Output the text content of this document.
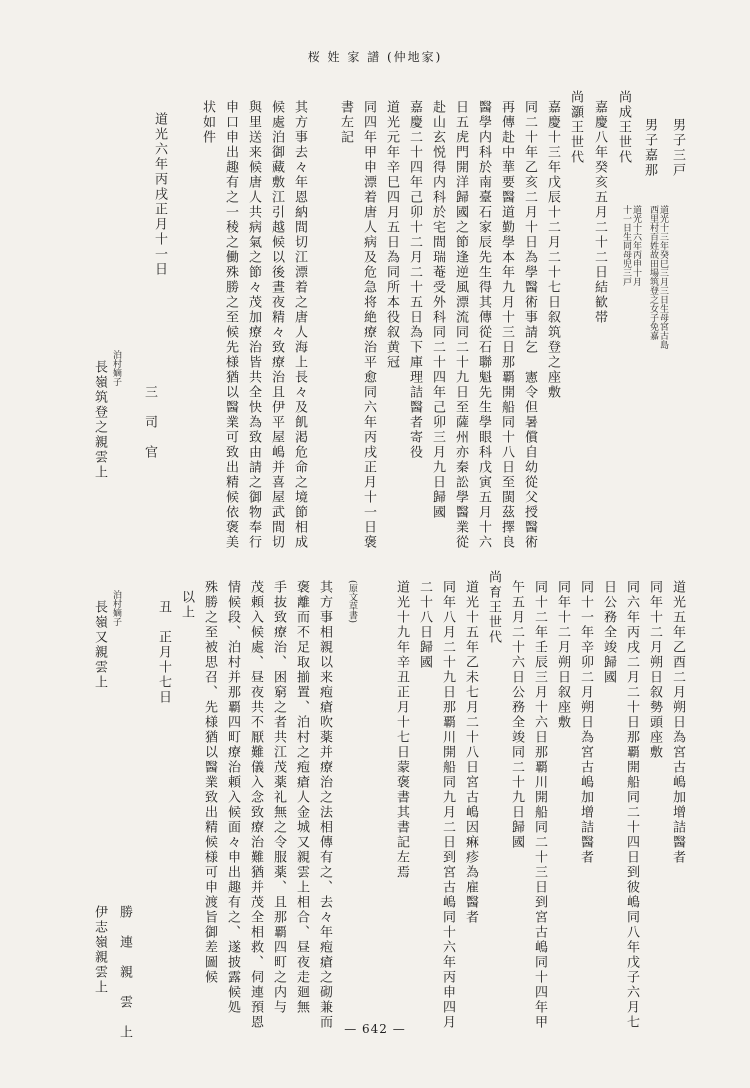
桜 姓 家 譜 (仲地家)
男子三戸
道光十三年癸巳三月三日生母宮古島
西里村百姓故田場筑登之女子免嘉
男子嘉那
道光十六年丙申十月
十一日生同母児三戸
尚成王世代
嘉慶八年癸亥五月二十二日結歓帯
尚灝王世代
嘉慶十三年戊辰十二月二十七日叙筑登之座敷
同二十年乙亥二月十日為學醫術事請乞　憲令但暑償自幼從父授醫術
再傳赴中華要醫道勤學本年九月十三日那覇開船同十八日至閩茲擇良
醫學内科於南臺石家辰先生得其傳從石聯魁先生學眼科戊寅五月十六
日五虎門開洋歸國之節逢逆風漂流同二十九日至薩州亦秦訟學醫業從
赴山玄悦得内科於宅間瑞菴受外科同二十四年己卯三月九日歸國
嘉慶二十四年己卯十二月二十五日為下庫理詰醫者寄役
道光元年辛巳四月五日為同所本役叙黄冠
同四年甲申漂着唐人病及危急将絶療治平愈同六年丙戌正月十一日褒
書左記
其方事去々年恩納間切江漂着之唐人海上長々及飢渇危命之境節相成
候處泊御藏敷江引越候以後晝夜精々致療治且伊平屋嶋并喜屋武間切
與里送来候唐人共病氣之節々茂加療治皆共全快為致由請之御物奉行
申口申出趣有之一稜之働殊勝之至候先様猶以醫業可致出精候依褒美
状如件
道光六年丙戌正月十一日
三　司　官
泊村嫡子
長嶺筑登之親雲上
道光五年乙酉二月朔日為宮古嶋加增詰醫者
同年十二月朔日叙勢頭座敷
同六年丙戌二月二十日那覇開船同二十四日到彼嶋同八年戊子六月七
日公務全竣歸國
同十一年辛卯二月朔日為宮古嶋加增詰醫者
同年十二月朔日叙座敷
同十二年壬辰三月十六日那覇川開船同二十三日到宮古嶋同十四年甲
午五月二十六日公務全竣同二十九日歸國
尚育王世代
道光十五年乙未七月二十八日宮古嶋因痳疹為雇醫者
同年八月二十九日那覇川開船同九月二日到宮古嶋同十六年丙申四月
二十八日歸國
道光十九年辛丑正月十七日蒙褒書其書記左焉
(原文草書)
其方事相親以来疱瘡吹薬并療治之法相傳有之、去々年疱瘡之砌兼而
褒離而不足取揃置、泊村之疱瘡人金城又親雲上相合、昼夜走廻無
手抜致療治、困窮之者共江茂薬礼無之令服薬、且那覇四町之内与
茂頼入候處、昼夜共不厭難儀入念致療治難猶并茂全相救、伺連預恩
情候段、泊村并那覇四町療治頼入候面々申出趣有之、遂披露候処
殊勝之至被思召、先様猶以醫業致出精候様可申渡旨御差圖候
以上
丑　正月十七日
勝　連　親　雲　上
伊志嶺親雲上
泊村嫡子
長嶺又親雲上
— 642 —
